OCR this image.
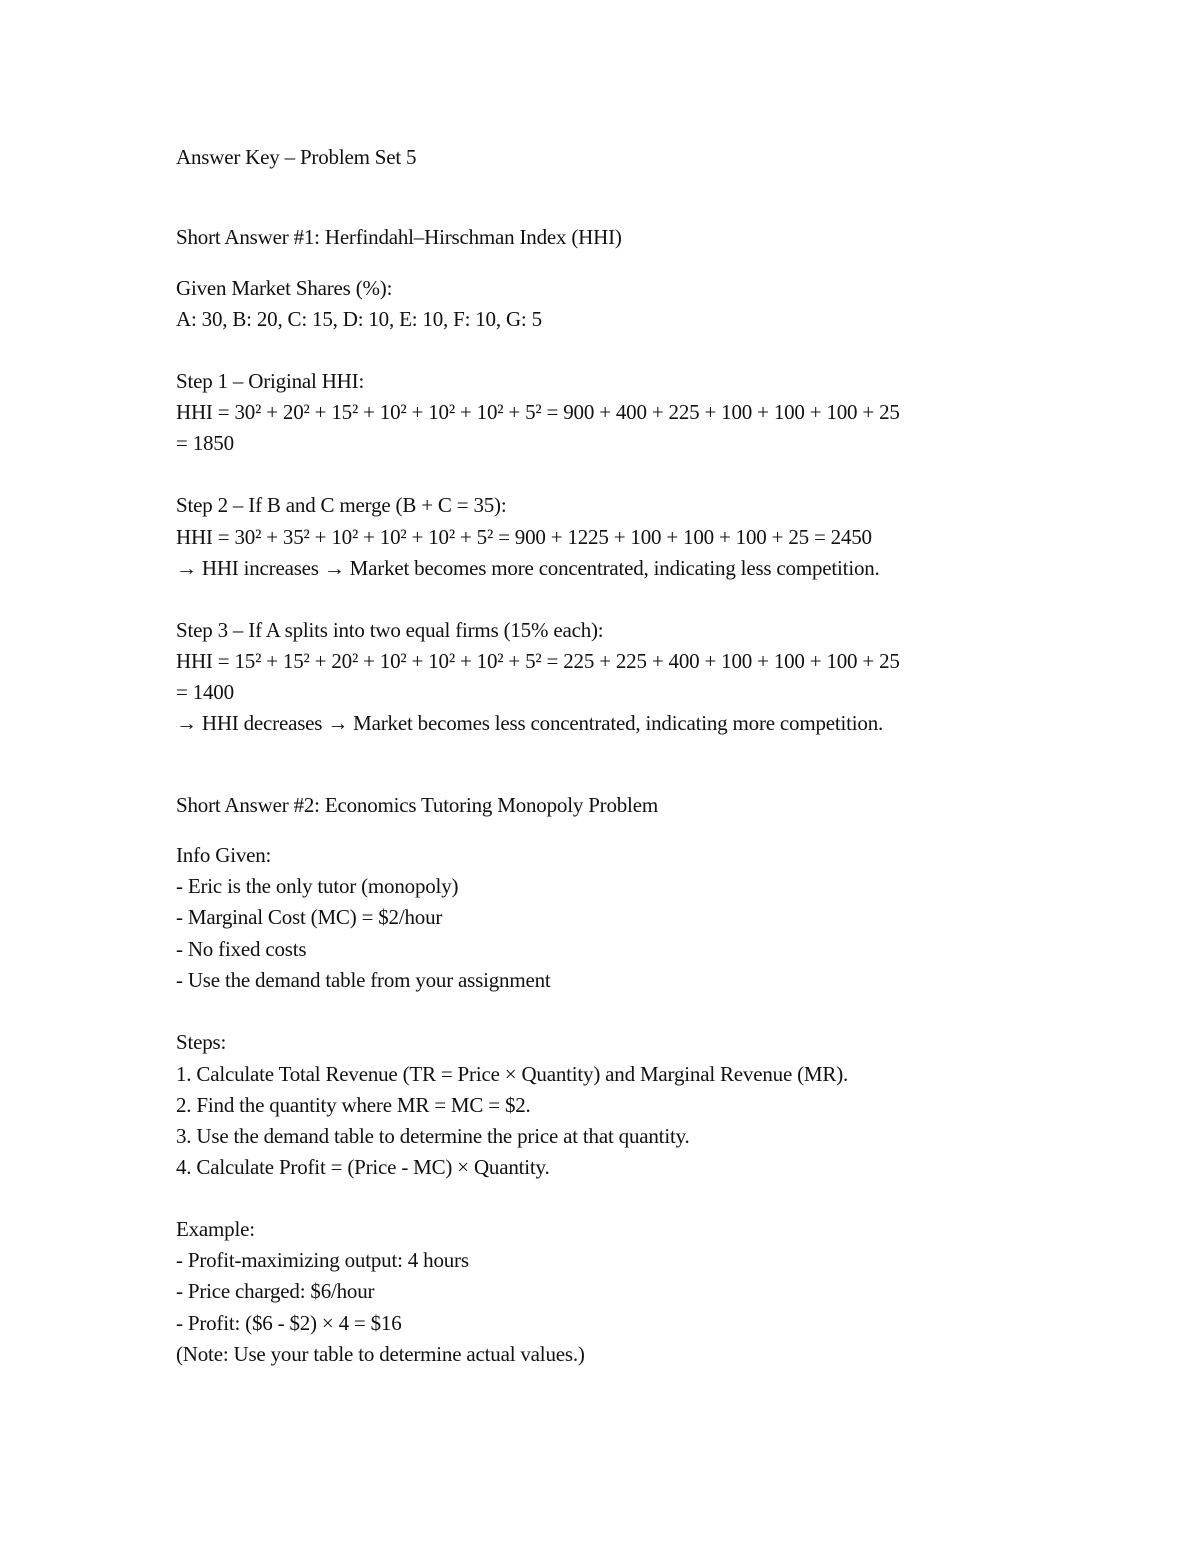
Answer Key – Problem Set 5
Short Answer #1: Herfindahl–Hirschman Index (HHI)
Given Market Shares (%):
A: 30, B: 20, C: 15, D: 10, E: 10, F: 10, G: 5
Step 1 – Original HHI:
HHI = 30² + 20² + 15² + 10² + 10² + 10² + 5² = 900 + 400 + 225 + 100 + 100 + 100 + 25
= 1850
Step 2 – If B and C merge (B + C = 35):
HHI = 30² + 35² + 10² + 10² + 10² + 5² = 900 + 1225 + 100 + 100 + 100 + 25 = 2450
→ HHI increases → Market becomes more concentrated, indicating less competition.
Step 3 – If A splits into two equal firms (15% each):
HHI = 15² + 15² + 20² + 10² + 10² + 10² + 5² = 225 + 225 + 400 + 100 + 100 + 100 + 25
= 1400
→ HHI decreases → Market becomes less concentrated, indicating more competition.
Short Answer #2: Economics Tutoring Monopoly Problem
Info Given:
- Eric is the only tutor (monopoly)
- Marginal Cost (MC) = $2/hour
- No fixed costs
- Use the demand table from your assignment
Steps:
1. Calculate Total Revenue (TR = Price × Quantity) and Marginal Revenue (MR).
2. Find the quantity where MR = MC = $2.
3. Use the demand table to determine the price at that quantity.
4. Calculate Profit = (Price - MC) × Quantity.
Example:
- Profit-maximizing output: 4 hours
- Price charged: $6/hour
- Profit: ($6 - $2) × 4 = $16
(Note: Use your table to determine actual values.)
